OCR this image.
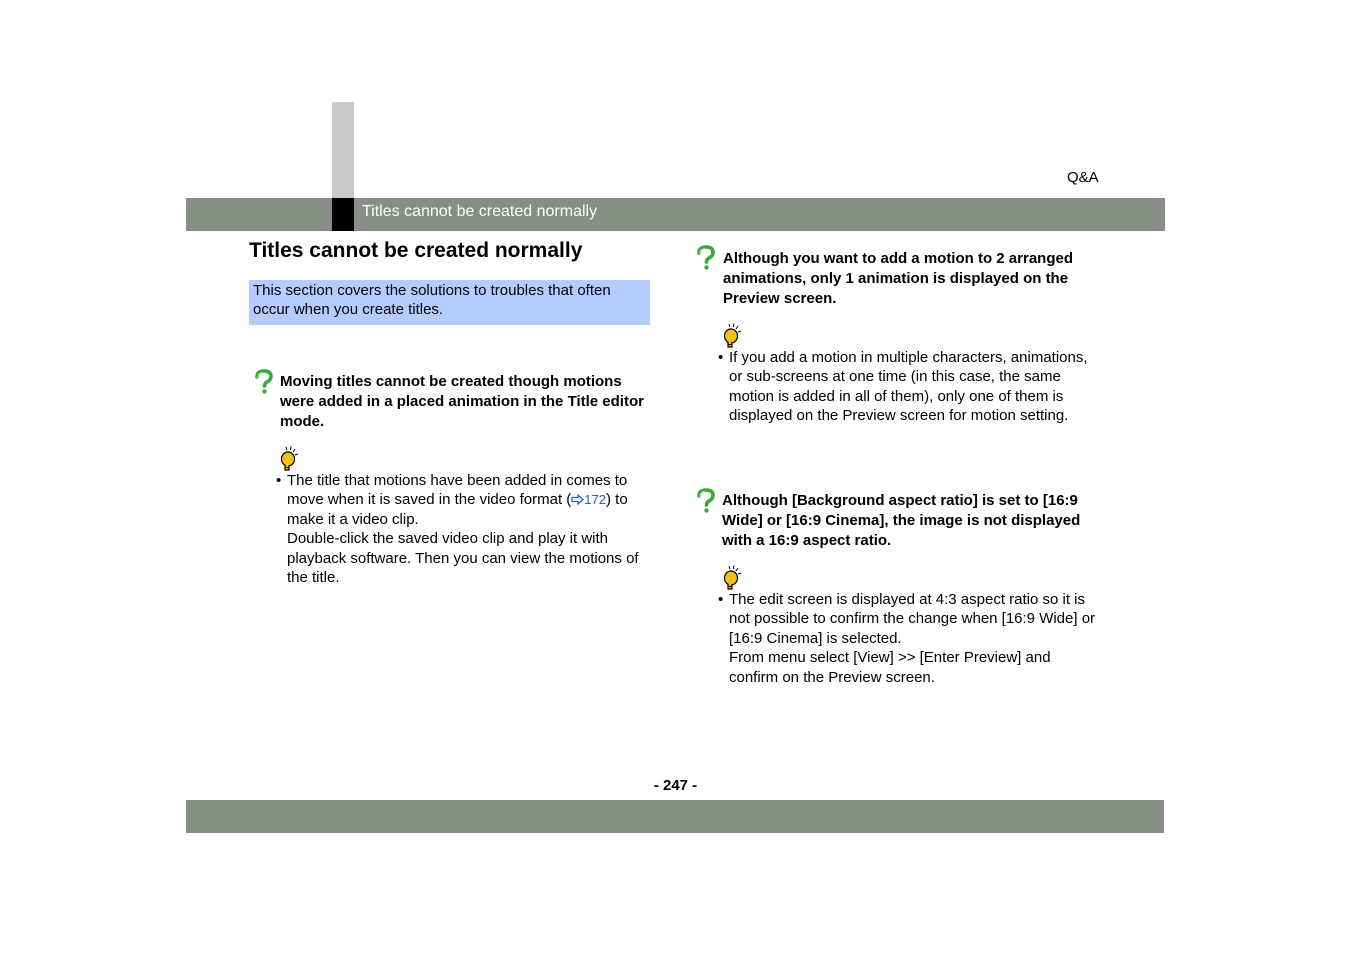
Q&A
Titles cannot be created normally
Titles cannot be created normally
This section covers the solutions to troubles that often occur when you create titles.
Moving titles cannot be created though motions were added in a placed animation in the Title editor mode.
• The title that motions have been added in comes to move when it is saved in the video format ( 172) to make it a video clip.
Double-click the saved video clip and play it with playback software. Then you can view the motions of the title.
Although you want to add a motion to 2 arranged animations, only 1 animation is displayed on the Preview screen.
• If you add a motion in multiple characters, animations, or sub-screens at one time (in this case, the same motion is added in all of them), only one of them is displayed on the Preview screen for motion setting.
Although [Background aspect ratio] is set to [16:9 Wide] or [16:9 Cinema], the image is not displayed with a 16:9 aspect ratio.
• The edit screen is displayed at 4:3 aspect ratio so it is not possible to confirm the change when [16:9 Wide] or [16:9 Cinema] is selected.
From menu select [View] >> [Enter Preview] and confirm on the Preview screen.
- 247 -
